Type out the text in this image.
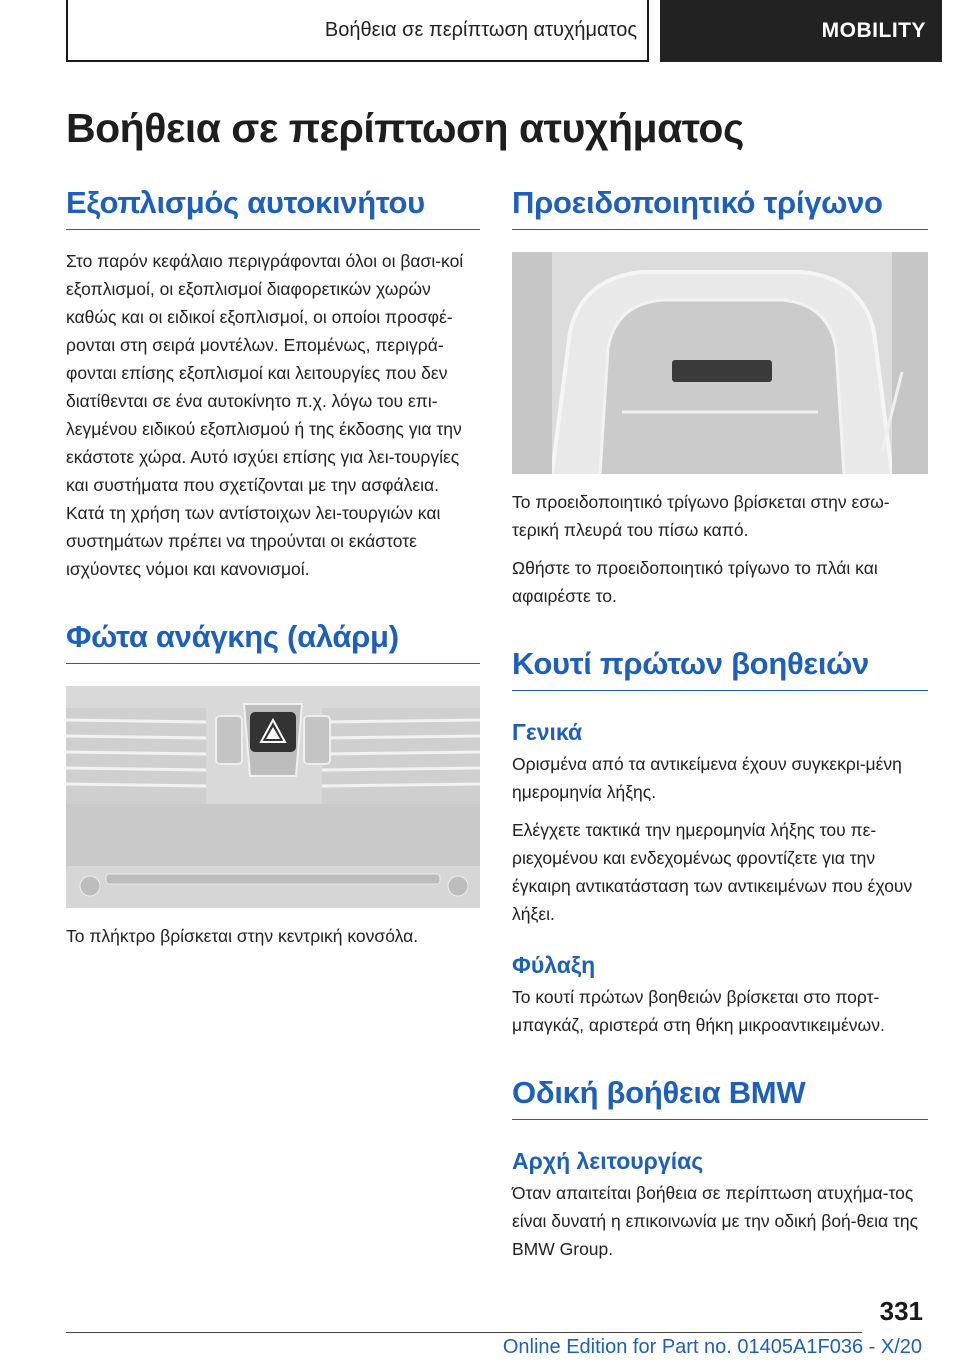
Βοήθεια σε περίπτωση ατυχήματος	MOBILITY
Βοήθεια σε περίπτωση ατυχήματος
Εξοπλισμός αυτοκινήτου

Στο παρόν κεφάλαιο περιγράφονται όλοι οι βασι‐κοί εξοπλισμοί, οι εξοπλισμοί διαφορετικών χωρών καθώς και οι ειδικοί εξοπλισμοί, οι οποίοι προσφέ‐ρονται στη σειρά μοντέλων. Επομένως, περιγρά‐φονται επίσης εξοπλισμοί και λειτουργίες που δεν διατίθενται σε ένα αυτοκίνητο π.χ. λόγω του επι‐λεγμένου ειδικού εξοπλισμού ή της έκδοσης για την εκάστοτε χώρα. Αυτό ισχύει επίσης για λει‐τουργίες και συστήματα που σχετίζονται με την ασφάλεια. Κατά τη χρήση των αντίστοιχων λει‐τουργιών και συστημάτων πρέπει να τηρούνται οι εκάστοτε ισχύοντες νόμοι και κανονισμοί.

Φώτα ανάγκης (αλάρμ)

Το πλήκτρο βρίσκεται στην κεντρική κονσόλα.

Προειδοποιητικό τρίγωνο

Το προειδοποιητικό τρίγωνο βρίσκεται στην εσω‐τερική πλευρά του πίσω καπό.

Ωθήστε το προειδοποιητικό τρίγωνο το πλάι και αφαιρέστε το.

Κουτί πρώτων βοηθειών
Γενικά

Ορισμένα από τα αντικείμενα έχουν συγκεκρι‐μένη ημερομηνία λήξης.

Ελέγχετε τακτικά την ημερομηνία λήξης του πε‐ριεχομένου και ενδεχομένως φροντίζετε για την έγκαιρη αντικατάσταση των αντικειμένων που έχουν λήξει.

Φύλαξη

Το κουτί πρώτων βοηθειών βρίσκεται στο πορτ‐μπαγκάζ, αριστερά στη θήκη μικροαντικειμένων.

Οδική βοήθεια BMW
Αρχή λειτουργίας

Όταν απαιτείται βοήθεια σε περίπτωση ατυχήμα‐τος είναι δυνατή η επικοινωνία με την οδική βοή‐θεια της BMW Group.

331
Online Edition for Part no. 01405A1F036 - X/20
